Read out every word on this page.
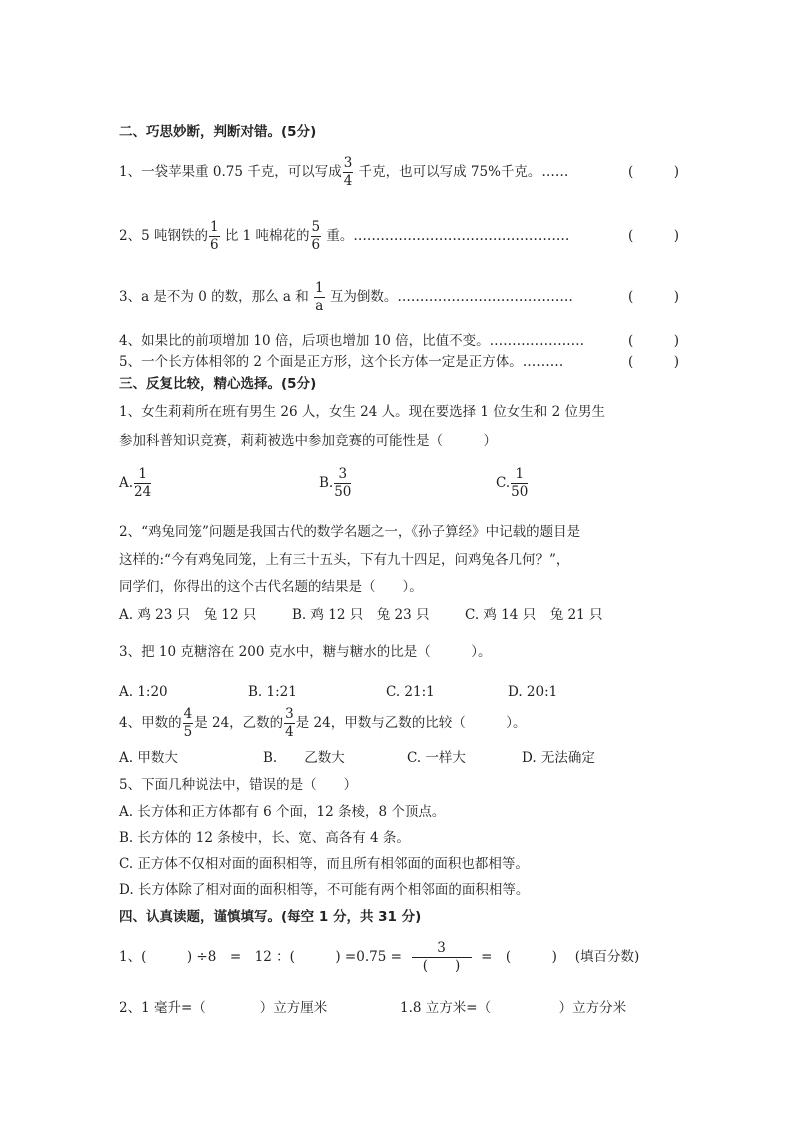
二、巧思妙断，判断对错。(5分)
1、一袋苹果重 0.75 千克，可以写成 $\frac{3}{4}$ 千克，也可以写成 75%千克。……	(　　　)
2、5 吨钢铁的 $\frac{1}{6}$ 比 1 吨棉花的 $\frac{5}{6}$ 重。…………………………………………	(　　　)
3、a 是不为 0 的数，那么 a 和 $\frac{1}{a}$ 互为倒数。…………………………………	(　　　)
4、如果比的前项增加 10 倍，后项也增加 10 倍，比值不变。…………………	(　　　)
5、一个长方体相邻的 2 个面是正方形，这个长方体一定是正方体。………	(　　　)
三、反复比较，精心选择。(5分)
1、女生莉莉所在班有男生 26 人，女生 24 人。现在要选择 1 位女生和 2 位男生
参加科普知识竞赛，莉莉被选中参加竞赛的可能性是（　　　）
A. $\frac{1}{24}$	B. $\frac{3}{50}$	C. $\frac{1}{50}$
2、“鸡兔同笼”问题是我国古代的数学名题之一，《孙子算经》中记载的题目是
这样的:“今有鸡兔同笼，上有三十五头，下有九十四足，问鸡兔各几何？”，
同学们，你得出的这个古代名题的结果是（　　）。
A. 鸡 23 只　兔 12 只	B. 鸡 12 只　兔 23 只	C. 鸡 14 只　兔 21 只
3、把 10 克糖溶在 200 克水中，糖与糖水的比是（　　　）。
A. 1:20	B. 1:21	C. 21:1	D. 20:1
4、甲数的 $\frac{4}{5}$ 是 24，乙数的 $\frac{3}{4}$ 是 24，甲数与乙数的比较（　　　）。
A. 甲数大	B.　　乙数大	C. 一样大	D. 无法确定
5、下面几种说法中，错误的是（　　）
A. 长方体和正方体都有 6 个面，12 条棱，8 个顶点。
B. 长方体的 12 条棱中，长、宽、高各有 4 条。
C. 正方体不仅相对面的面积相等，而且所有相邻面的面积也都相等。
D. 长方体除了相对面的面积相等，不可能有两个相邻面的面积相等。
四、认真读题，谨慎填写。(每空 1 分，共 31 分)
1、(　　　) ÷8　=　12 ：(　　　) =0.75 =
3
(　　)
=　(　　　)　 (填百分数)
2、1 毫升=（　　　　）立方厘米	1.8 立方米=（　　　　　）立方分米
